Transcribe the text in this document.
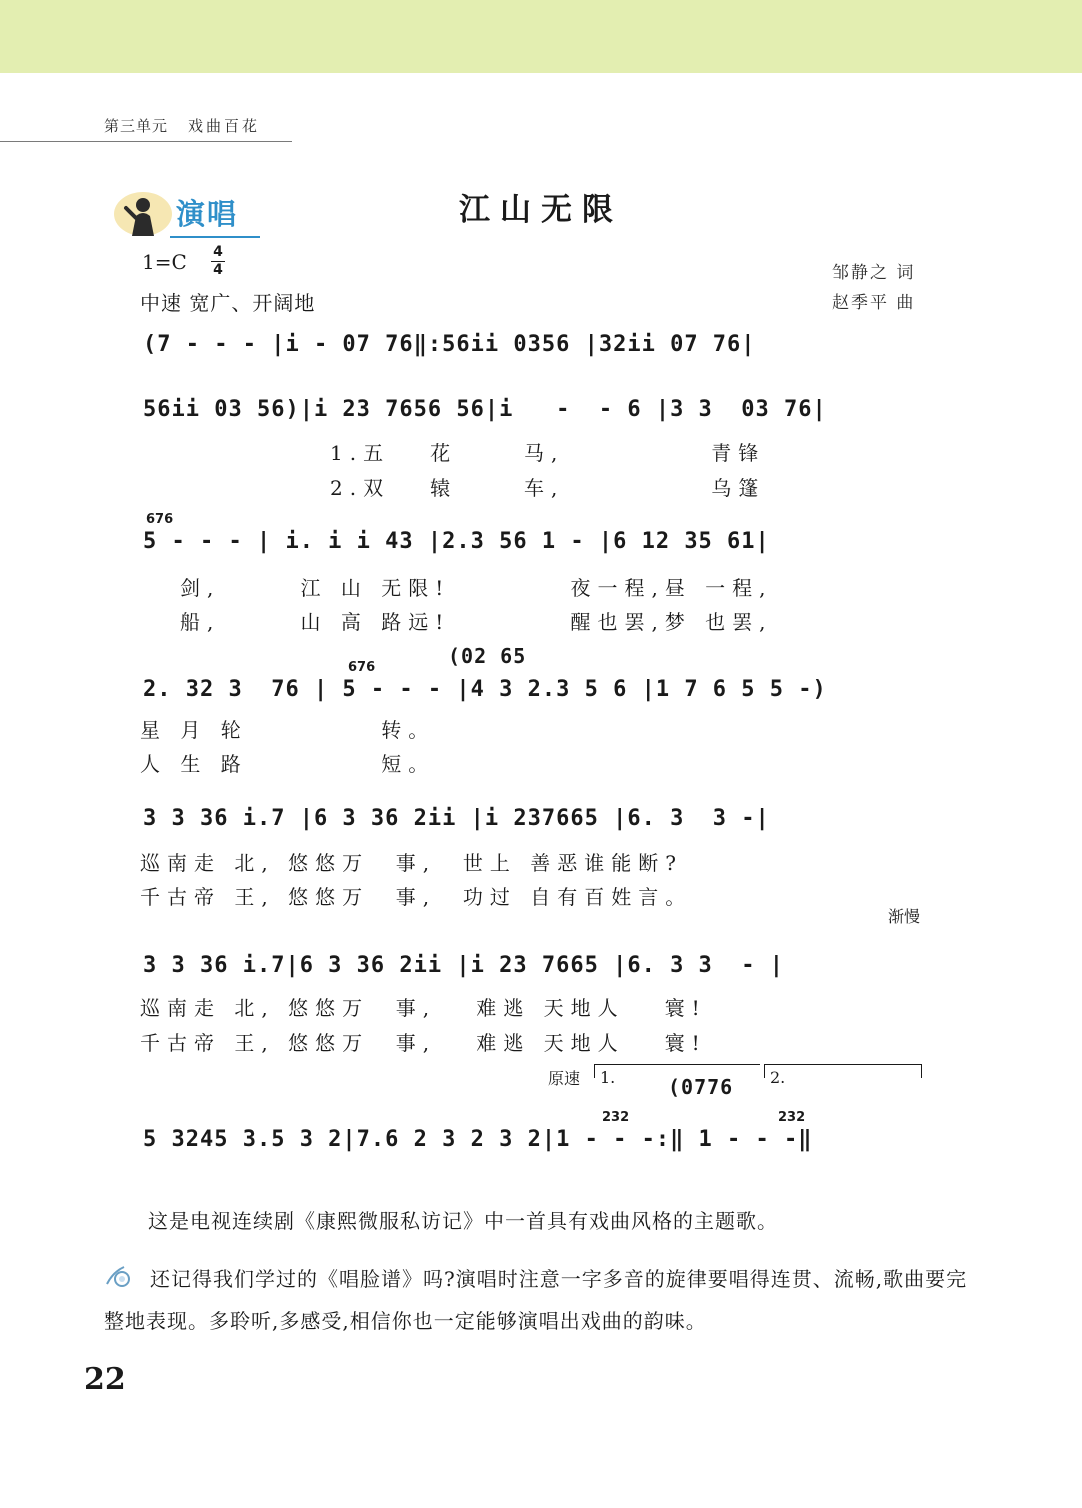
第三单元 戏曲百花
演唱	江山无限
1=C 4
4
中速 宽广、开阔地
邹静之 词
赵季平 曲
(7 - - - |i - 07 76‖:56ii 0356 |32ii 07 76|
56ii 03 56)|i 23 7656 56|i   -  - 6 |3 3  03 76|
1.五   花     马,           青锋
2.双   辕     车,           乌篷
676
5 - - - | i. i i 43 |2.3 56 1 - |6 12 35 61|
剑,      江 山 无限!         夜一程,昼 一程,
船,      山 高 路远!         醒也罢,梦 也罢,
(02 65
676
2. 32 3  76 | 5 - - - |4 3 2.3 5 6 |1 7 6 5 5 -)
星 月 轮          转。
人 生 路          短。
3 3 36 i.7 |6 3 36 2ii |i 237665 |6. 3  3 -|
巡南走 北, 悠悠万  事,  世上 善恶谁能断?
千古帝 王, 悠悠万  事,  功过 自有百姓言。
渐慢
3 3 36 i.7|6 3 36 2ii |i 23 7665 |6. 3 3  - |
巡南走 北, 悠悠万  事,   难逃 天地人   寰!
千古帝 王, 悠悠万  事,   难逃 天地人   寰!
原速 1.	2.
(0776
232	232
5 3245 3.5 3 2|7.6 2 3 2 3 2|1 - - -:‖ 1 - - -‖
这是电视连续剧《康熙微服私访记》中一首具有戏曲风格的主题歌。
还记得我们学过的《唱脸谱》吗?演唱时注意一字多音的旋律要唱得连贯、流畅,歌曲要完整地表现。多聆听,多感受,相信你也一定能够演唱出戏曲的韵味。
22
